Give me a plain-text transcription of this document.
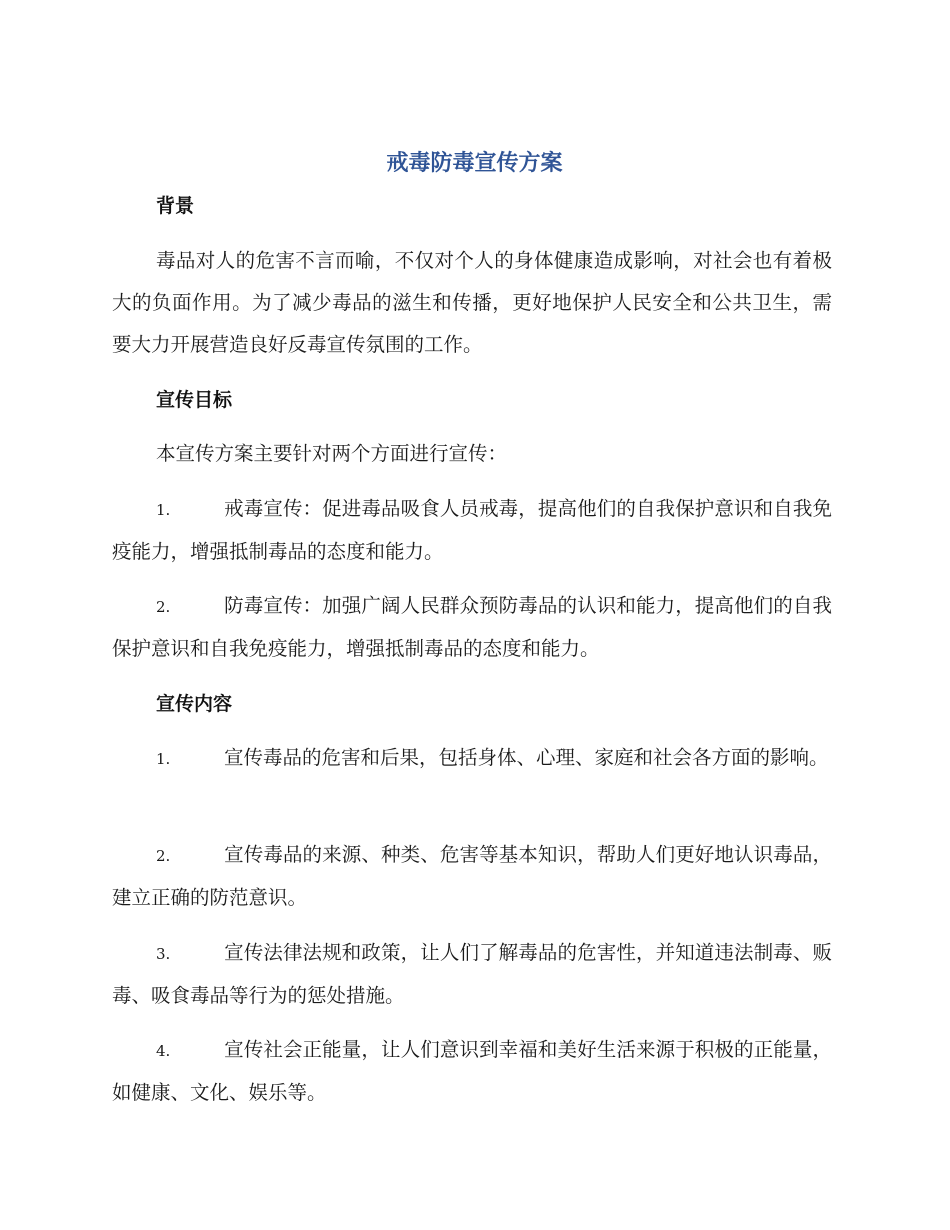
戒毒防毒宣传方案
背景

毒品对人的危害不言而喻，不仅对个人的身体健康造成影响，对社会也有着极大的负面作用。为了减少毒品的滋生和传播，更好地保护人民安全和公共卫生，需要大力开展营造良好反毒宣传氛围的工作。

宣传目标

本宣传方案主要针对两个方面进行宣传：

1.	戒毒宣传：促进毒品吸食人员戒毒，提高他们的自我保护意识和自我免疫能力，增强抵制毒品的态度和能力。

2.	防毒宣传：加强广阔人民群众预防毒品的认识和能力，提高他们的自我保护意识和自我免疫能力，增强抵制毒品的态度和能力。

宣传内容

1.	宣传毒品的危害和后果，包括身体、心理、家庭和社会各方面的影响。

2.	宣传毒品的来源、种类、危害等基本知识，帮助人们更好地认识毒品，建立正确的防范意识。

3.	宣传法律法规和政策，让人们了解毒品的危害性，并知道违法制毒、贩毒、吸食毒品等行为的惩处措施。

4.	宣传社会正能量，让人们意识到幸福和美好生活来源于积极的正能量，如健康、文化、娱乐等。
